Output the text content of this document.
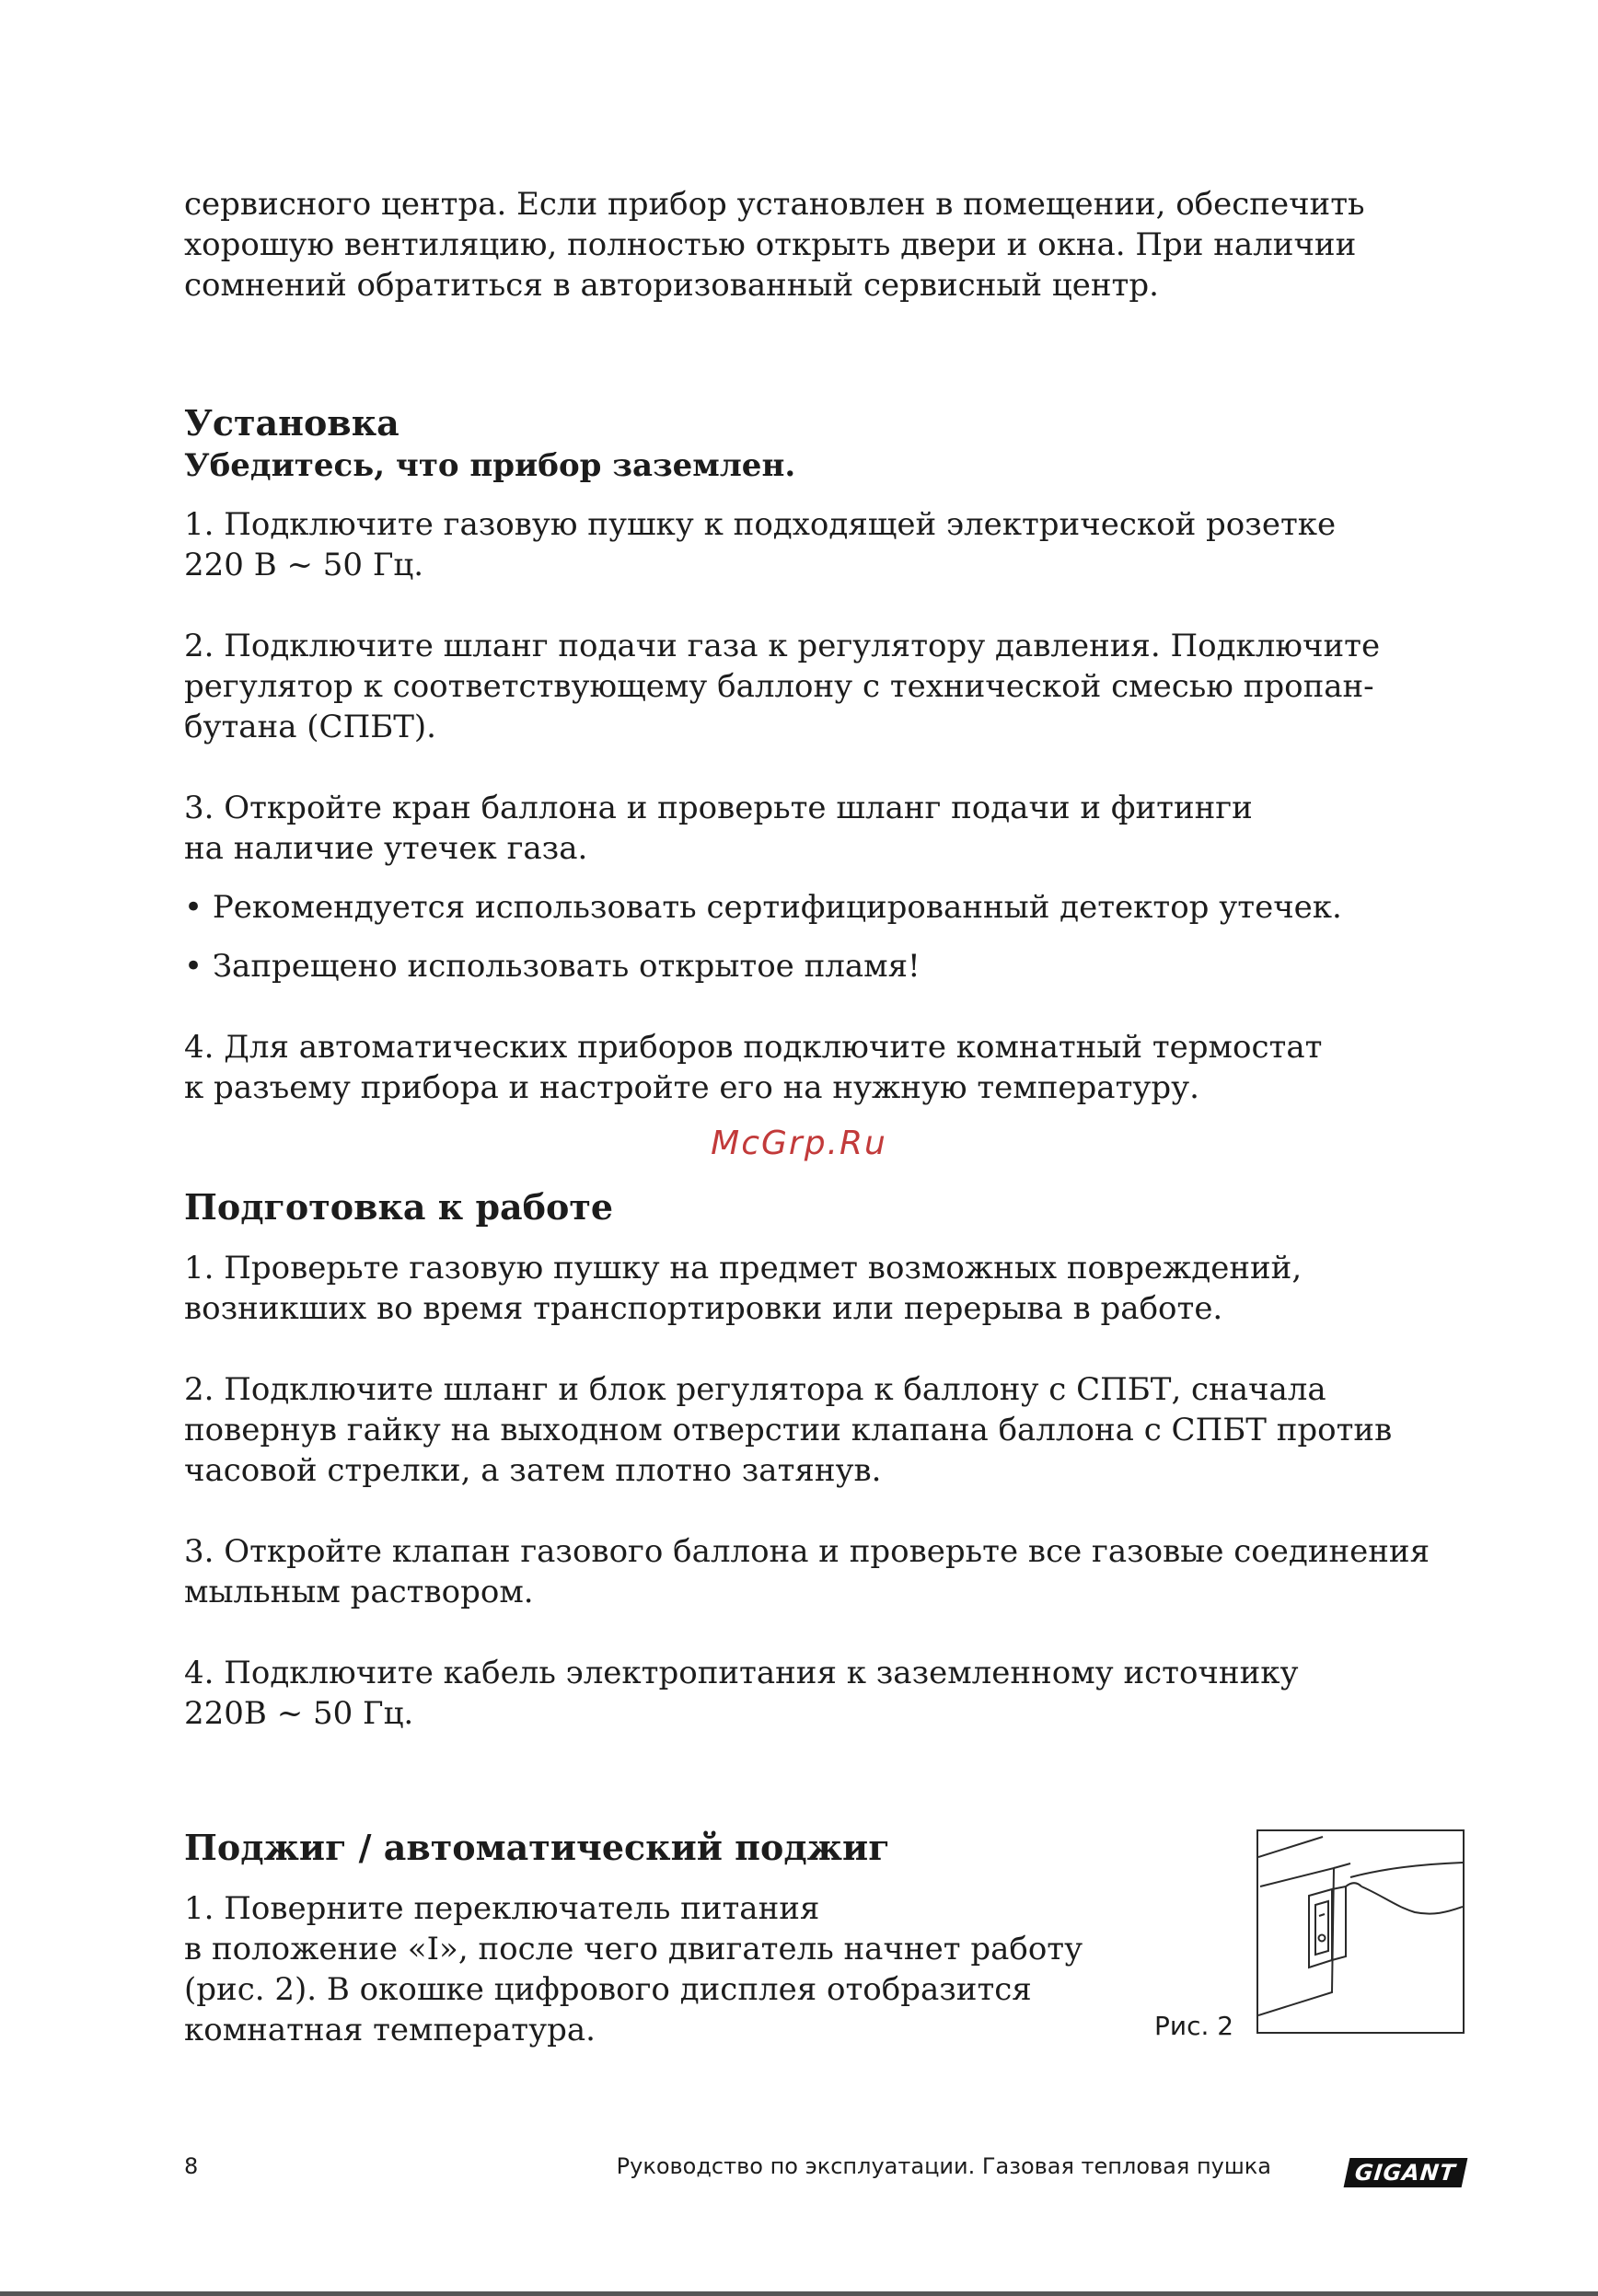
сервисного центра. Если прибор установлен в помещении, обеспечить

хорошую вентиляцию, полностью открыть двери и окна. При наличии

сомнений обратиться в авторизованный сервисный центр.

Установка
Убедитесь, что прибор заземлен.

1. Подключите газовую пушку к подходящей электрической розетке

220 В ~ 50 Гц.

2. Подключите шланг подачи газа к регулятору давления. Подключите

регулятор к соответствующему баллону с технической смесью пропан-

бутана (СПБТ).

3. Откройте кран баллона и проверьте шланг подачи и фитинги

на наличие утечек газа.

• Рекомендуется использовать сертифицированный детектор утечек.

• Запрещено использовать открытое пламя!

4. Для автоматических приборов подключите комнатный термостат

к разъему прибора и настройте его на нужную температуру.

Подготовка к работе

1. Проверьте газовую пушку на предмет возможных повреждений,

возникших во время транспортировки или перерыва в работе.

2. Подключите шланг и блок регулятора к баллону с СПБТ, сначала

повернув гайку на выходном отверстии клапана баллона с СПБТ против

часовой стрелки, а затем плотно затянув.

3. Откройте клапан газового баллона и проверьте все газовые соединения

мыльным раствором.

4. Подключите кабель электропитания к заземленному источнику

220В ~ 50 Гц.

Поджиг / автоматический поджиг

1. Поверните переключатель питания

в положение «I», после чего двигатель начнет работу

(рис. 2). В окошке цифрового дисплея отобразится

комнатная температура.

McGrp.Ru
Рис. 2
8	Руководство по эксплуатации. Газовая тепловая пушка	GIGANT
